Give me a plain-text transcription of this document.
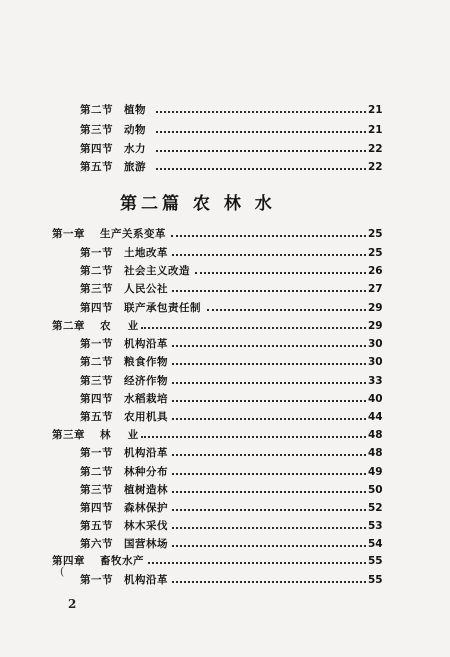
第二节 植物	21
第三节 动物	21
第四节 水力	22
第五节 旅游	22
第二篇 农 林 水
第一章 生产关系变革	25
第一节 土地改革	25
第二节 社会主义改造	26
第三节 人民公社	27
第四节 联产承包责任制	29
第二章 农    业	29
第一节 机构沿革	30
第二节 粮食作物	30
第三节 经济作物	33
第四节 水稻栽培	40
第五节 农用机具	44
第三章 林    业	48
第一节 机构沿革	48
第二节 林种分布	49
第三节 植树造林	50
第四节 森林保护	52
第五节 林木采伐	53
第六节 国营林场	54
第四章 畜牧水产	55
第一节 机构沿革	55
(
2
